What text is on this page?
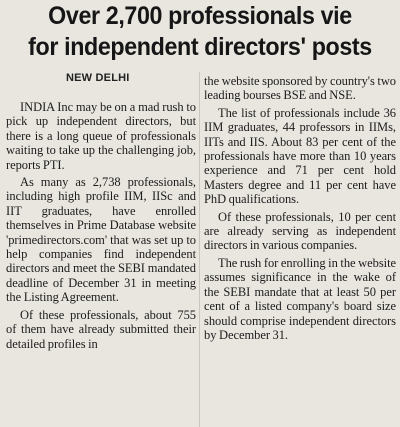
Over 2,700 professionals vie
for independent directors' posts
NEW DELHI

INDIA Inc may be on a mad rush to pick up independent directors, but there is a long queue of professionals waiting to take up the challenging job, reports PTI.

As many as 2,738 professionals, including high profile IIM, IISc and IIT graduates, have enrolled themselves in Prime Database website 'primedirectors.com' that was set up to help companies find independent directors and meet the SEBI mandated deadline of December 31 in meeting the Listing Agreement.

Of these professionals, about 755 of them have already submitted their detailed profiles in

the website sponsored by country's two leading bourses BSE and NSE.

The list of professionals include 36 IIM graduates, 44 professors in IIMs, IITs and IIS. About 83 per cent of the professionals have more than 10 years experience and 71 per cent hold Masters degree and 11 per cent have PhD qualifications.

Of these professionals, 10 per cent are already serving as independent directors in various companies.

The rush for enrolling in the website assumes significance in the wake of the SEBI mandate that at least 50 per cent of a listed company's board size should comprise independent directors by December 31.
